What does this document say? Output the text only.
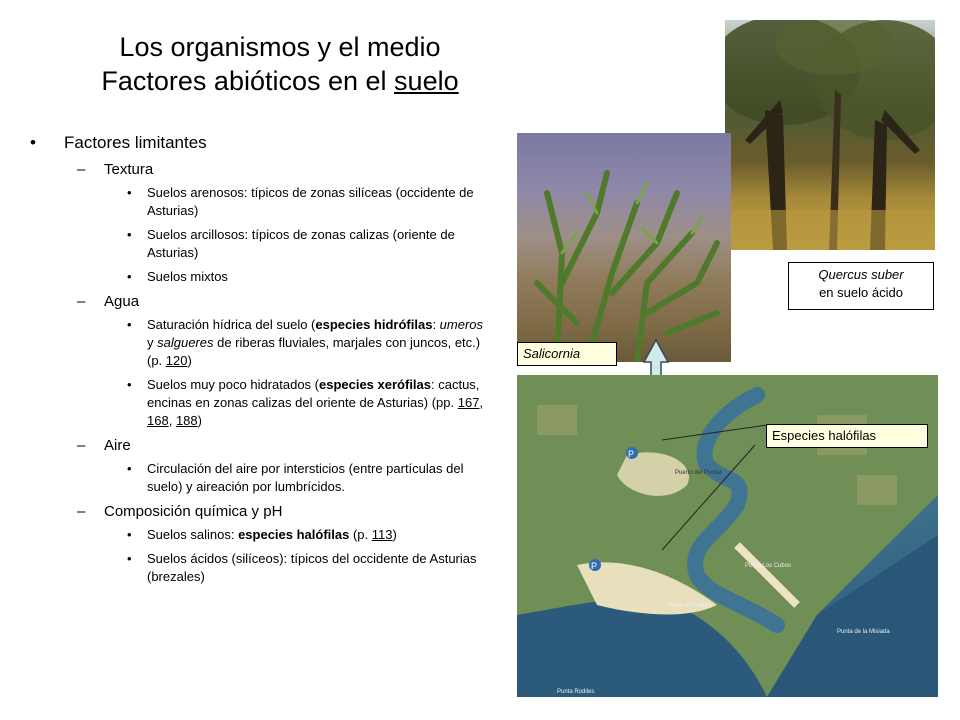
Los organismos y el medio
Factores abióticos en el suelo
• Factores limitantes
– Textura
• Suelos arenosos: típicos de zonas silíceas (occidente de Asturias)
• Suelos arcillosos: típicos de zonas calizas (oriente de Asturias)
• Suelos mixtos
– Agua
• Saturación hídrica del suelo (especies hidrófilas: umeros y salgueres de riberas fluviales, marjales con juncos, etc.) (p. 120)
• Suelos muy poco hidratados (especies xerófilas: cactus, encinas en zonas calizas del oriente de Asturias) (pp. 167, 168, 188)
– Aire
• Circulación del aire por intersticios (entre partículas del suelo) y aireación por lumbrícidos.
– Composición química y pH
• Suelos salinos: especies halófilas (p. 113)
• Suelos ácidos (silíceos): típicos del occidente de Asturias (brezales)
Quercus suber
en suelo ácido
Salicornia
P
P
Playa de Rodiles
Punta de la Misiada
Punta Los Cubos
Punta Rodiles
Puerto del Puntal
Especies halófilas
